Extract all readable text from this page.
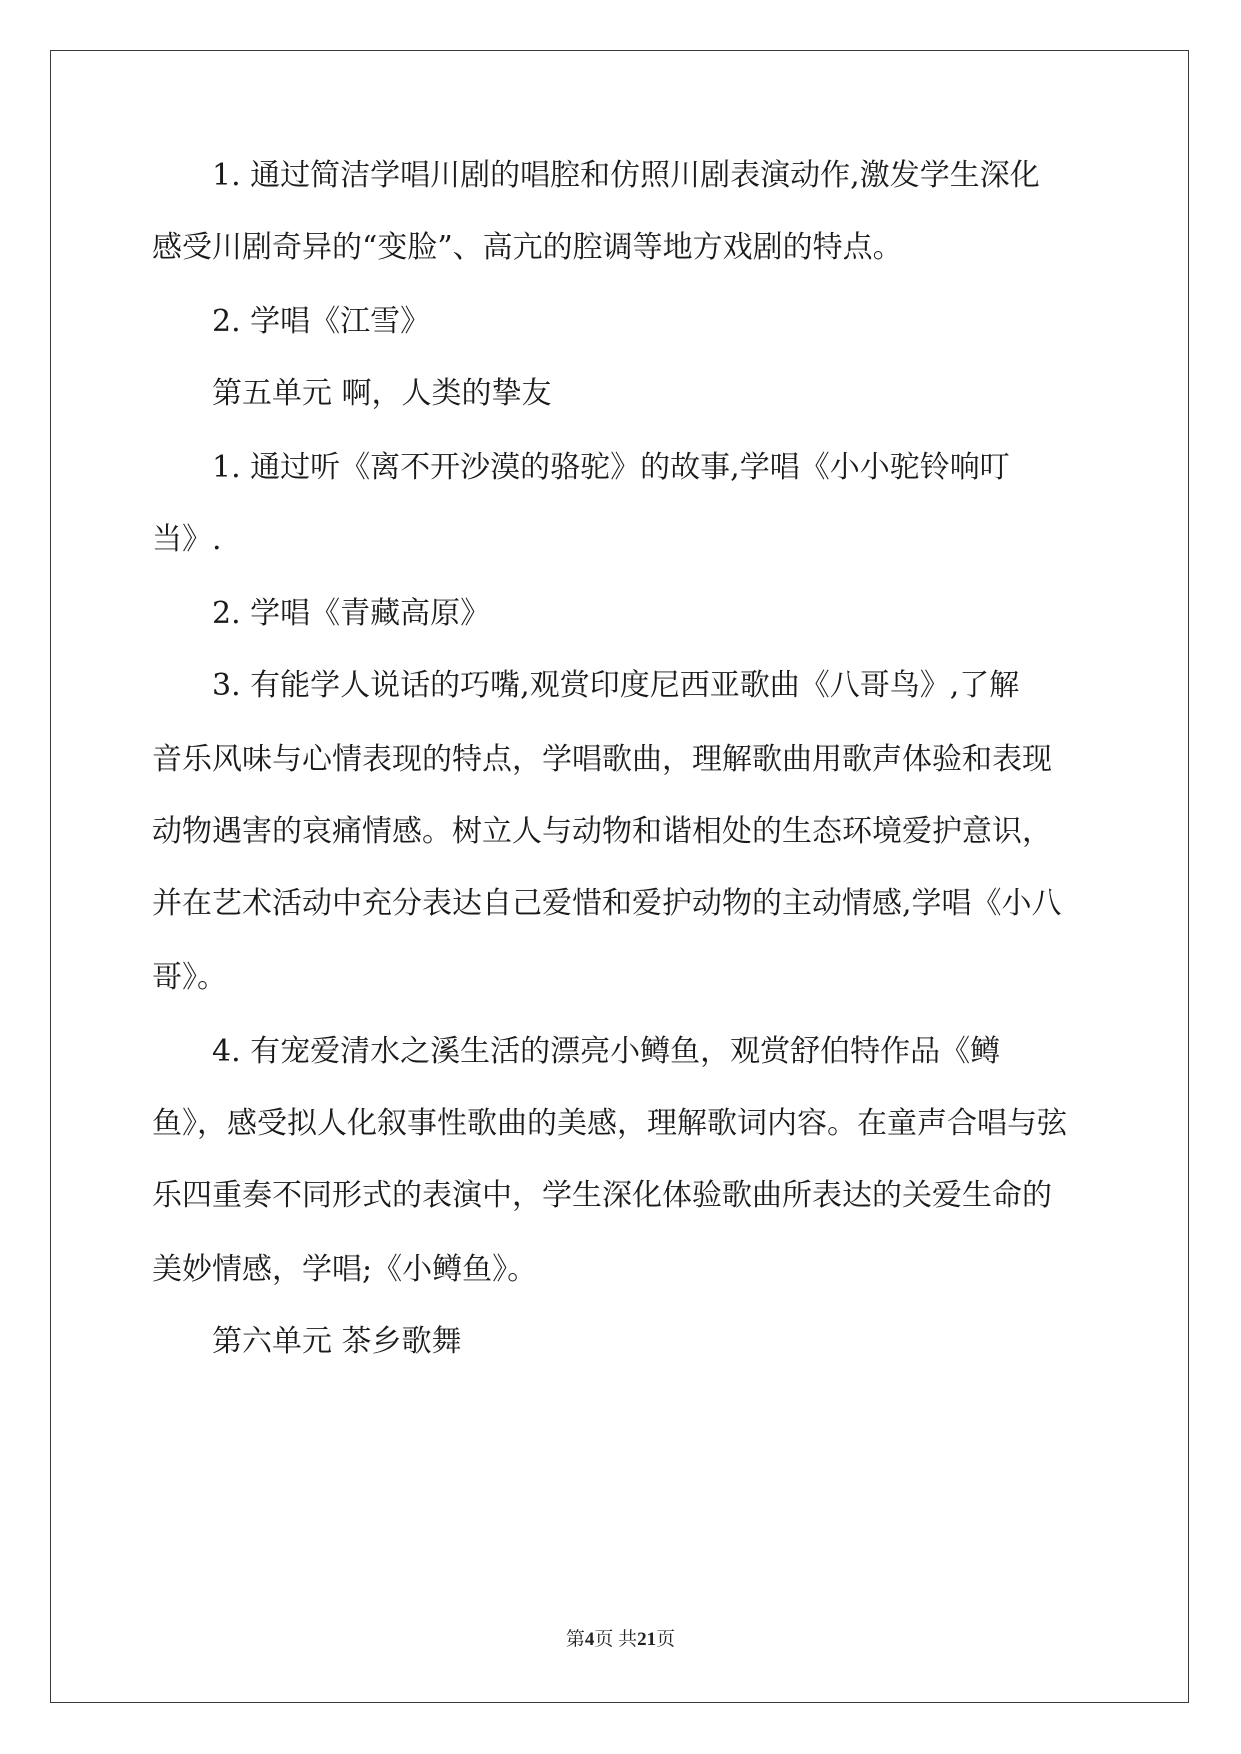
1. 通过简洁学唱川剧的唱腔和仿照川剧表演动作,激发学生深化

感受川剧奇异的“变脸”、高亢的腔调等地方戏剧的特点。

2. 学唱《江雪》

第五单元 啊，人类的挚友

1. 通过听《离不开沙漠的骆驼》的故事,学唱《小小驼铃响叮

当》.

2. 学唱《青藏高原》

3. 有能学人说话的巧嘴,观赏印度尼西亚歌曲《八哥鸟》,了解

音乐风味与心情表现的特点，学唱歌曲，理解歌曲用歌声体验和表现

动物遇害的哀痛情感。树立人与动物和谐相处的生态环境爱护意识，

并在艺术活动中充分表达自己爱惜和爱护动物的主动情感,学唱《小八

哥》。

4. 有宠爱清水之溪生活的漂亮小鳟鱼，观赏舒伯特作品《鳟

鱼》，感受拟人化叙事性歌曲的美感，理解歌词内容。在童声合唱与弦

乐四重奏不同形式的表演中，学生深化体验歌曲所表达的关爱生命的

美妙情感，学唱;《小鳟鱼》。

第六单元 茶乡歌舞

第4页 共21页
